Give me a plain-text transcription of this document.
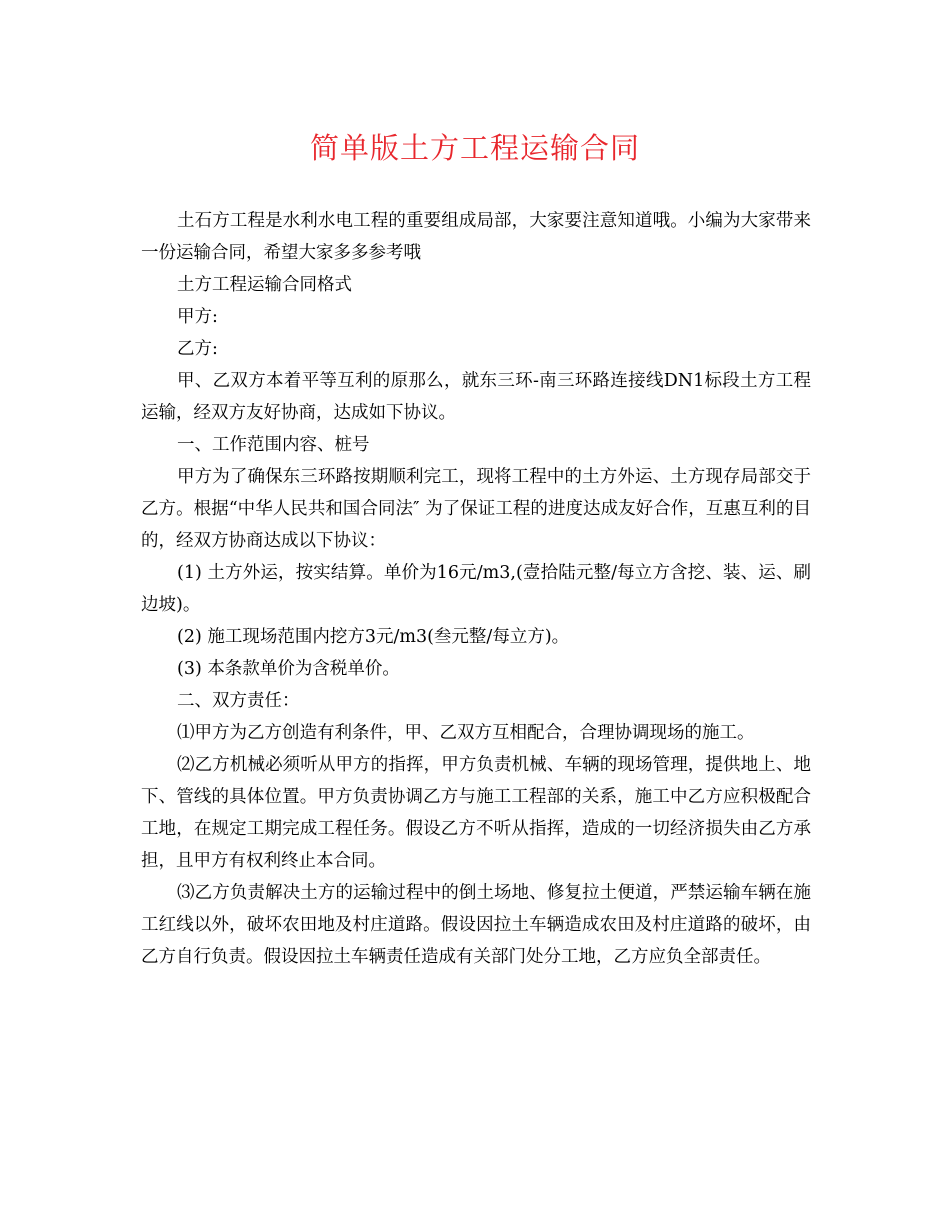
简单版土方工程运输合同

土石方工程是水利水电工程的重要组成局部，大家要注意知道哦。小编为大家带来一份运输合同，希望大家多多参考哦

土方工程运输合同格式

甲方:

乙方:

甲、乙双方本着平等互利的原那么，就东三环-南三环路连接线DN1标段土方工程运输，经双方友好协商，达成如下协议。

一、工作范围内容、桩号

甲方为了确保东三环路按期顺利完工，现将工程中的土方外运、土方现存局部交于乙方。根据“中华人民共和国合同法″ 为了保证工程的进度达成友好合作，互惠互利的目的，经双方协商达成以下协议：

(1) 土方外运，按实结算。单价为16元/m3,(壹拾陆元整/每立方含挖、装、运、刷边坡)。

(2) 施工现场范围内挖方3元/m3(叁元整/每立方)。

(3) 本条款单价为含税单价。

二、双方责任：

⑴甲方为乙方创造有利条件，甲、乙双方互相配合，合理协调现场的施工。

⑵乙方机械必须听从甲方的指挥，甲方负责机械、车辆的现场管理，提供地上、地下、管线的具体位置。甲方负责协调乙方与施工工程部的关系，施工中乙方应积极配合工地，在规定工期完成工程任务。假设乙方不听从指挥，造成的一切经济损失由乙方承担，且甲方有权利终止本合同。

⑶乙方负责解决土方的运输过程中的倒土场地、修复拉土便道，严禁运输车辆在施工红线以外，破坏农田地及村庄道路。假设因拉土车辆造成农田及村庄道路的破坏，由乙方自行负责。假设因拉土车辆责任造成有关部门处分工地，乙方应负全部责任。
